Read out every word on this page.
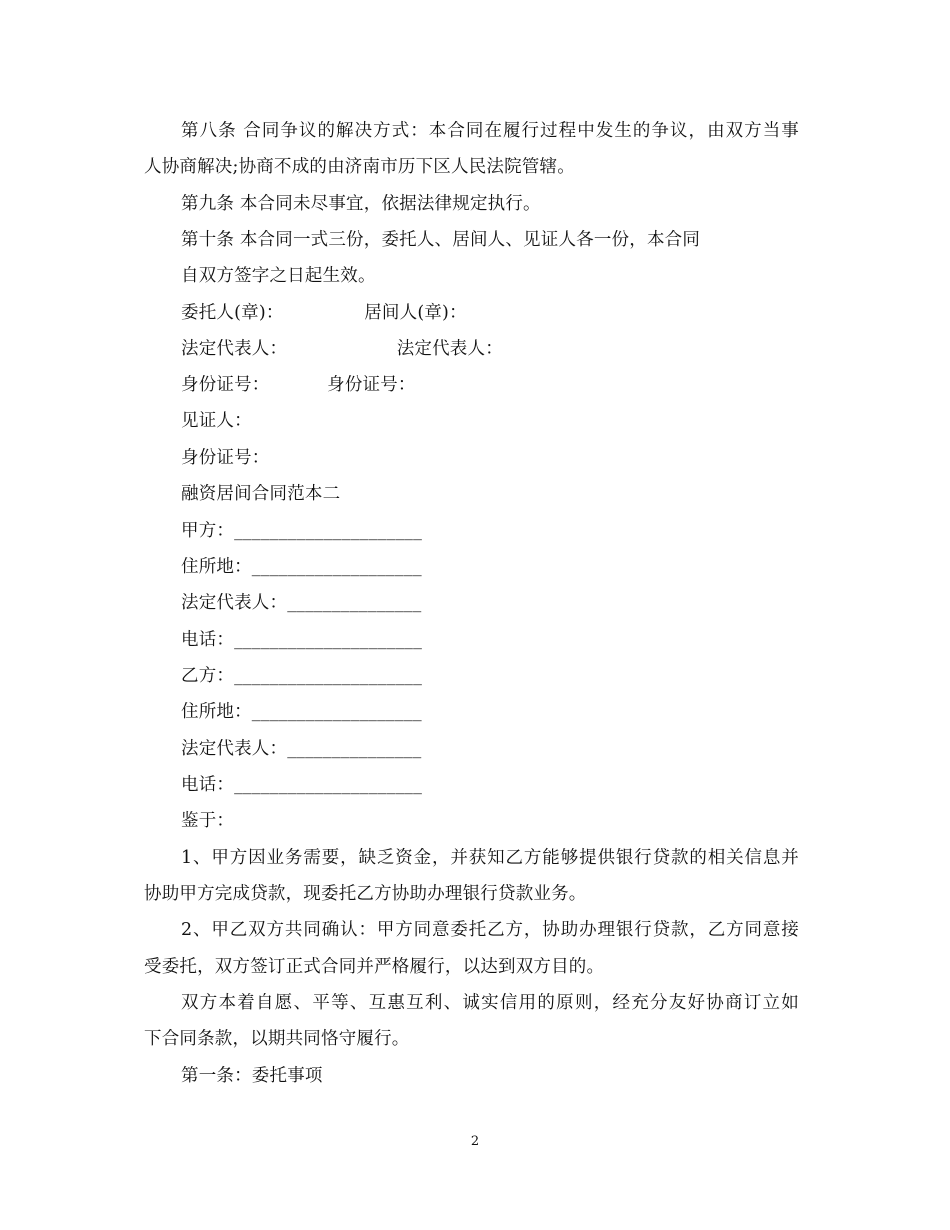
第八条 合同争议的解决方式：本合同在履行过程中发生的争议，由双方当事
人协商解决;协商不成的由济南市历下区人民法院管辖。
第九条 本合同未尽事宜，依据法律规定执行。
第十条 本合同一式三份，委托人、居间人、见证人各一份，本合同
自双方签字之日起生效。
委托人(章)：              居间人(章)：
法定代表人：                   法定代表人：
身份证号：          身份证号：
见证人：
身份证号：
融资居间合同范本二
甲方：_____________________
住所地：___________________
法定代表人：_______________
电话：_____________________
乙方：_____________________
住所地：___________________
法定代表人：_______________
电话：_____________________
鉴于：
1、甲方因业务需要，缺乏资金，并获知乙方能够提供银行贷款的相关信息并
协助甲方完成贷款，现委托乙方协助办理银行贷款业务。
2、甲乙双方共同确认：甲方同意委托乙方，协助办理银行贷款，乙方同意接
受委托，双方签订正式合同并严格履行，以达到双方目的。
双方本着自愿、平等、互惠互利、诚实信用的原则，经充分友好协商订立如
下合同条款，以期共同恪守履行。
第一条：委托事项
2
